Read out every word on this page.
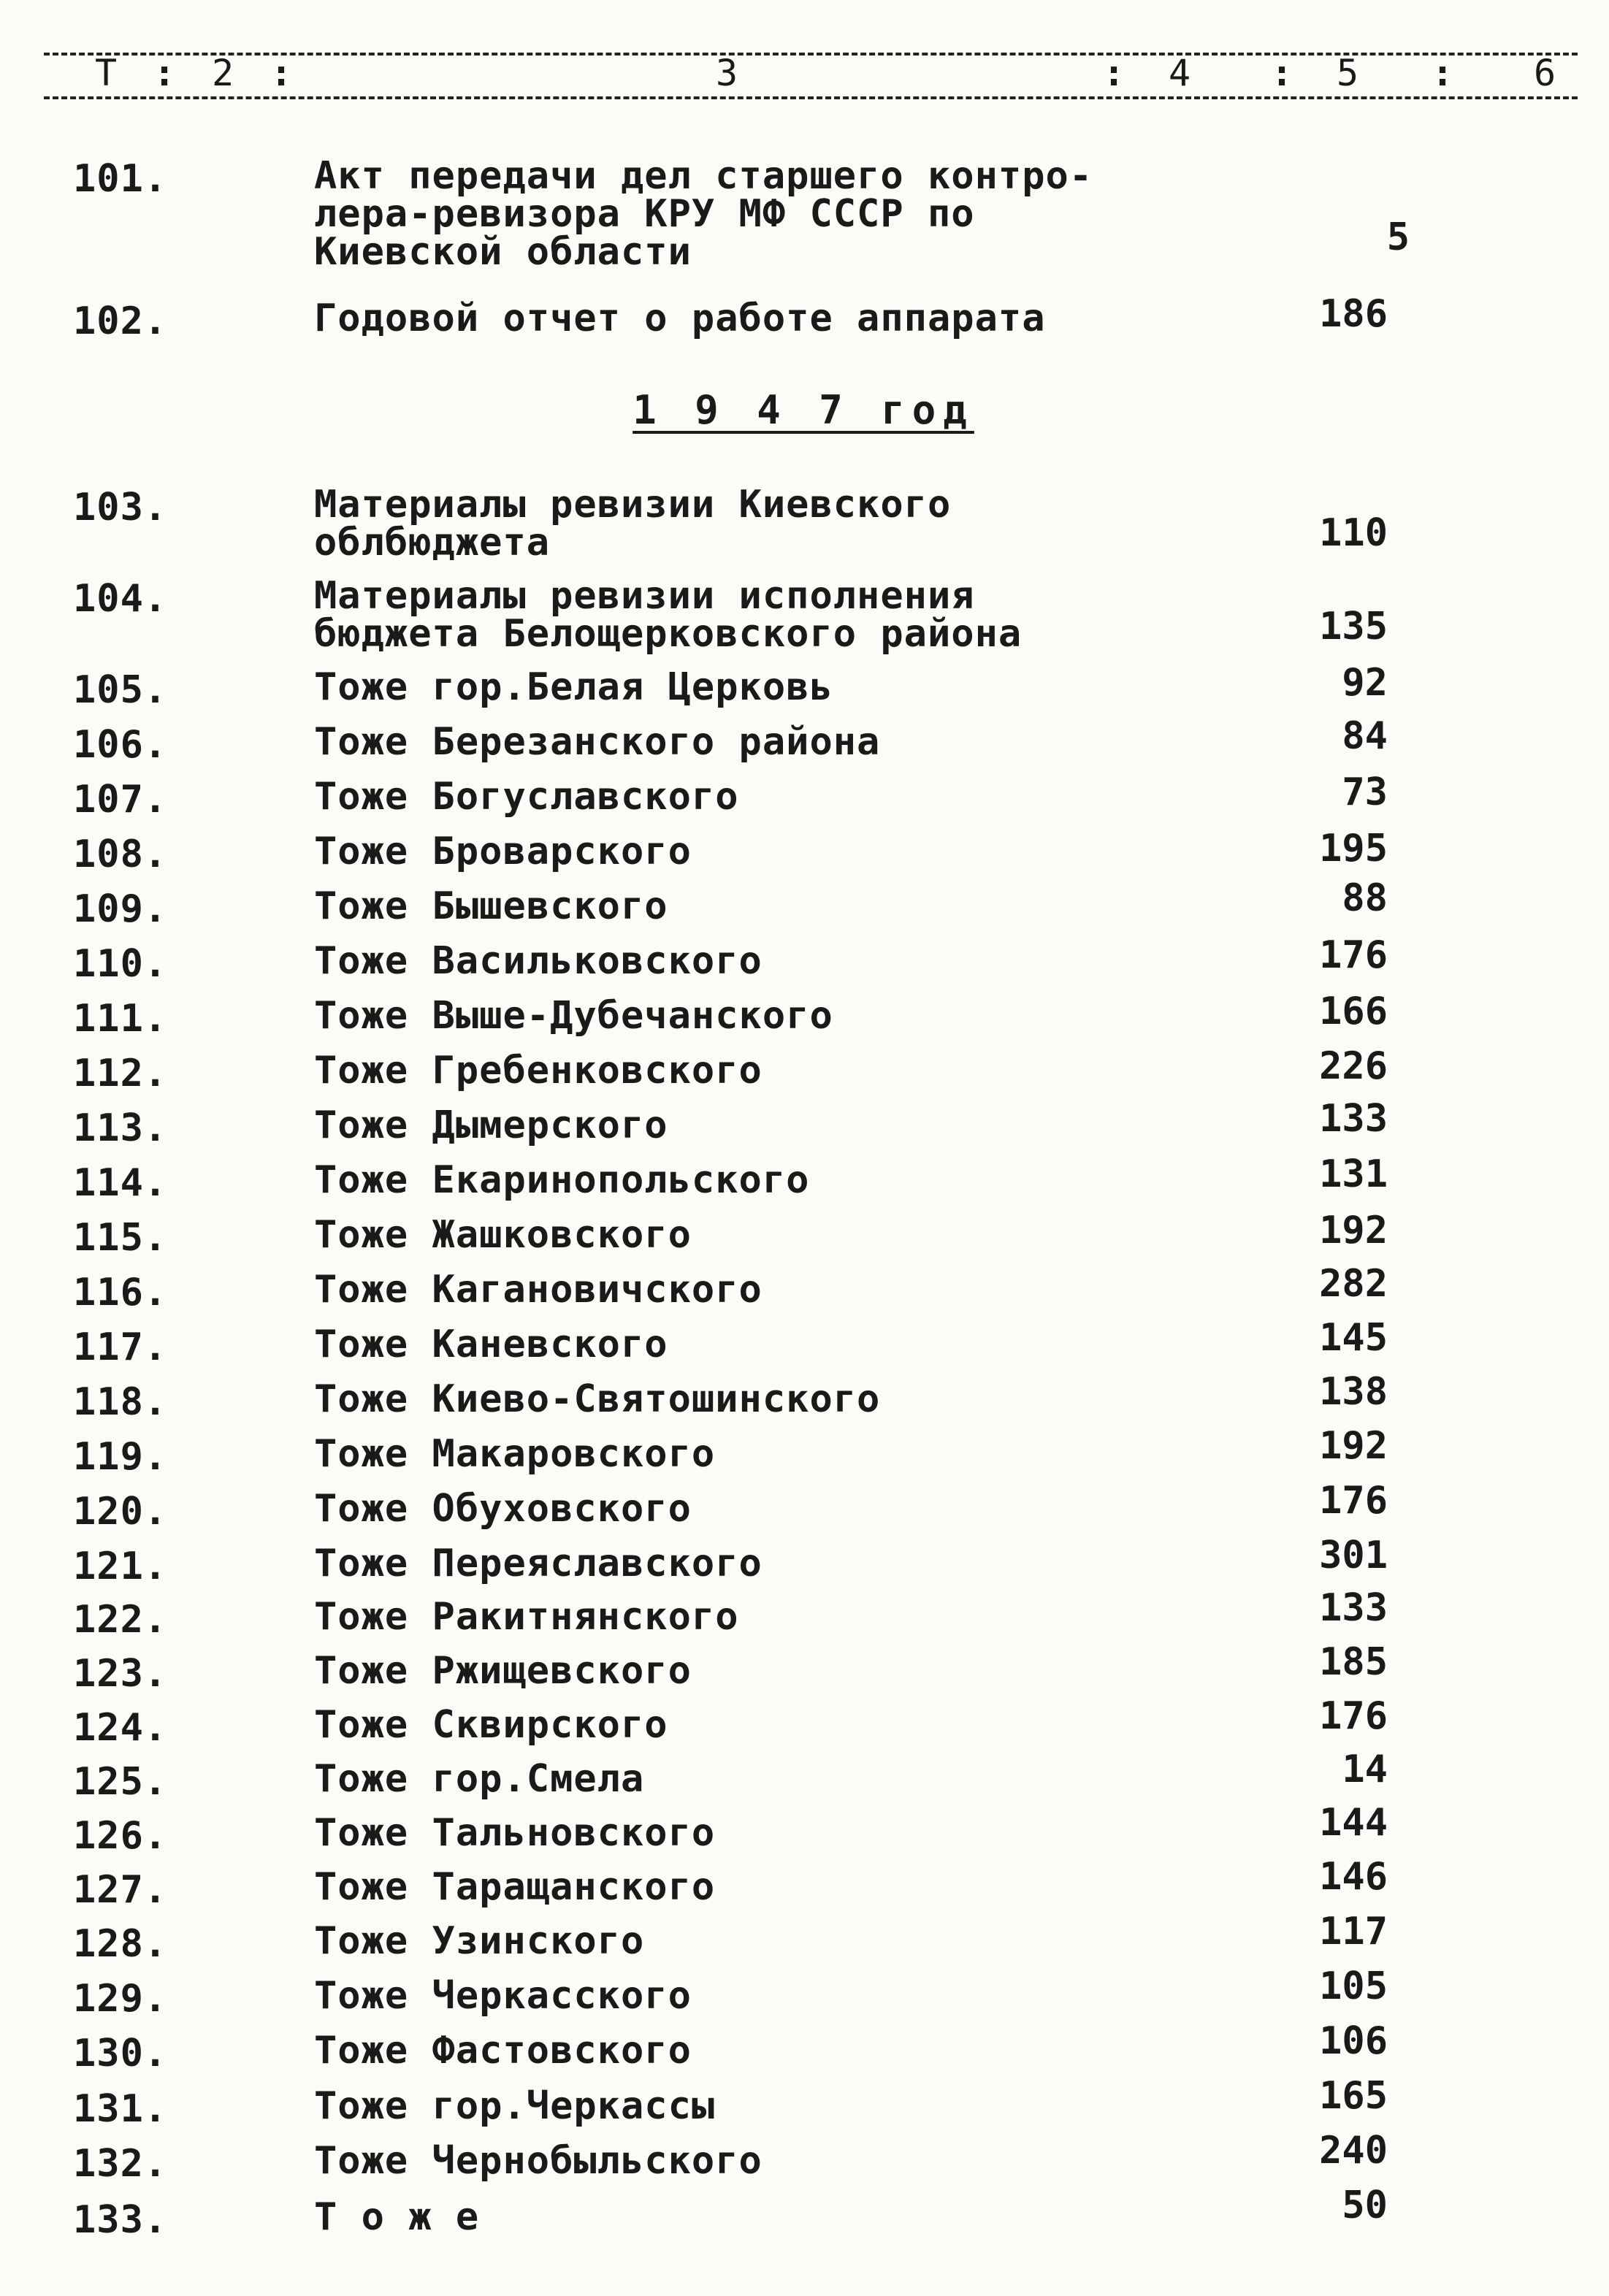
Т : 2 :	3	: 4 : 5 : 6
1 9 4 7 год
101.	Акт передачи дел старшего контро-
лера-ревизора КРУ МФ СССР по
Киевской области	5
102.	Годовой отчет о работе аппарата	186
103.	Материалы ревизии Киевского
облбюджета	110
104.	Материалы ревизии исполнения
бюджета Белощерковского района	135
105.	Тоже гор.Белая Церковь	92
106.	Тоже Березанского района	84
107.	Тоже Богуславского	73
108.	Тоже Броварского	195
109.	Тоже Бышевского	88
110.	Тоже Васильковского	176
111.	Тоже Выше-Дубечанского	166
112.	Тоже Гребенковского	226
113.	Тоже Дымерского	133
114.	Тоже Екаринопольского	131
115.	Тоже Жашковского	192
116.	Тоже Кагановичского	282
117.	Тоже Каневского	145
118.	Тоже Киево-Святошинского	138
119.	Тоже Макаровского	192
120.	Тоже Обуховского	176
121.	Тоже Переяславского	301
122.	Тоже Ракитнянского	133
123.	Тоже Ржищевского	185
124.	Тоже Сквирского	176
125.	Тоже гор.Смела	14
126.	Тоже Тальновского	144
127.	Тоже Таращанского	146
128.	Тоже Узинского	117
129.	Тоже Черкасского	105
130.	Тоже Фастовского	106
131.	Тоже гор.Черкассы	165
132.	Тоже Чернобыльского	240
133.	Т о ж е	50
